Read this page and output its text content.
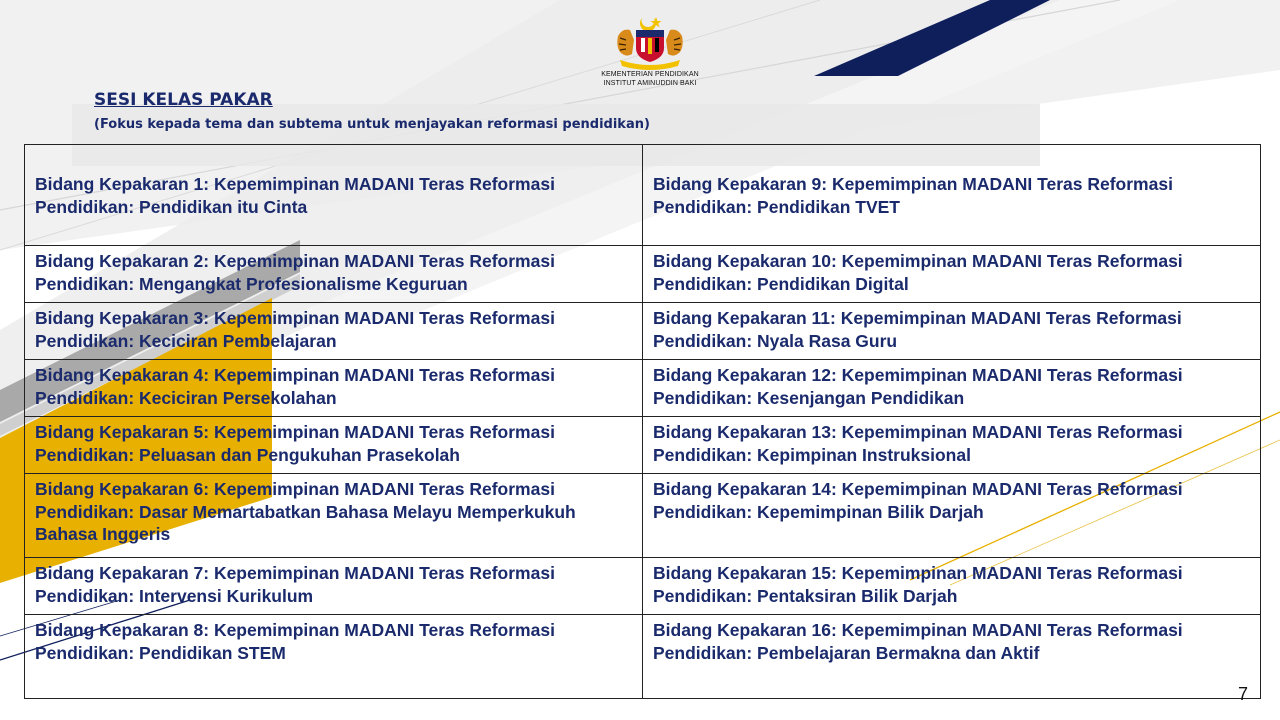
KEMENTERIAN PENDIDIKAN
INSTITUT AMINUDDIN BAKI
SESI KELAS PAKAR
(Fokus kepada tema dan subtema untuk menjayakan reformasi pendidikan)
Bidang Kepakaran 1: Kepemimpinan MADANI Teras Reformasi Pendidikan: Pendidikan itu Cinta	Bidang Kepakaran 9: Kepemimpinan MADANI Teras Reformasi Pendidikan: Pendidikan TVET
Bidang Kepakaran 2: Kepemimpinan MADANI Teras Reformasi Pendidikan: Mengangkat Profesionalisme Keguruan	Bidang Kepakaran 10: Kepemimpinan MADANI Teras Reformasi Pendidikan: Pendidikan Digital
Bidang Kepakaran 3: Kepemimpinan MADANI Teras Reformasi Pendidikan: Keciciran Pembelajaran	Bidang Kepakaran 11: Kepemimpinan MADANI Teras Reformasi Pendidikan: Nyala Rasa Guru
Bidang Kepakaran 4: Kepemimpinan MADANI Teras Reformasi Pendidikan: Keciciran Persekolahan	Bidang Kepakaran 12: Kepemimpinan MADANI Teras Reformasi Pendidikan: Kesenjangan Pendidikan
Bidang Kepakaran 5: Kepemimpinan MADANI Teras Reformasi Pendidikan: Peluasan dan Pengukuhan Prasekolah	Bidang Kepakaran 13: Kepemimpinan MADANI Teras Reformasi Pendidikan: Kepimpinan Instruksional
Bidang Kepakaran 6: Kepemimpinan MADANI Teras Reformasi Pendidikan: Dasar Memartabatkan Bahasa Melayu Memperkukuh Bahasa Inggeris	Bidang Kepakaran 14: Kepemimpinan MADANI Teras Reformasi Pendidikan: Kepemimpinan Bilik Darjah
Bidang Kepakaran 7: Kepemimpinan MADANI Teras Reformasi Pendidikan: Intervensi Kurikulum	Bidang Kepakaran 15: Kepemimpinan MADANI Teras Reformasi Pendidikan: Pentaksiran Bilik Darjah
Bidang Kepakaran 8: Kepemimpinan MADANI Teras Reformasi Pendidikan: Pendidikan STEM	Bidang Kepakaran 16: Kepemimpinan MADANI Teras Reformasi Pendidikan: Pembelajaran Bermakna dan Aktif
7
